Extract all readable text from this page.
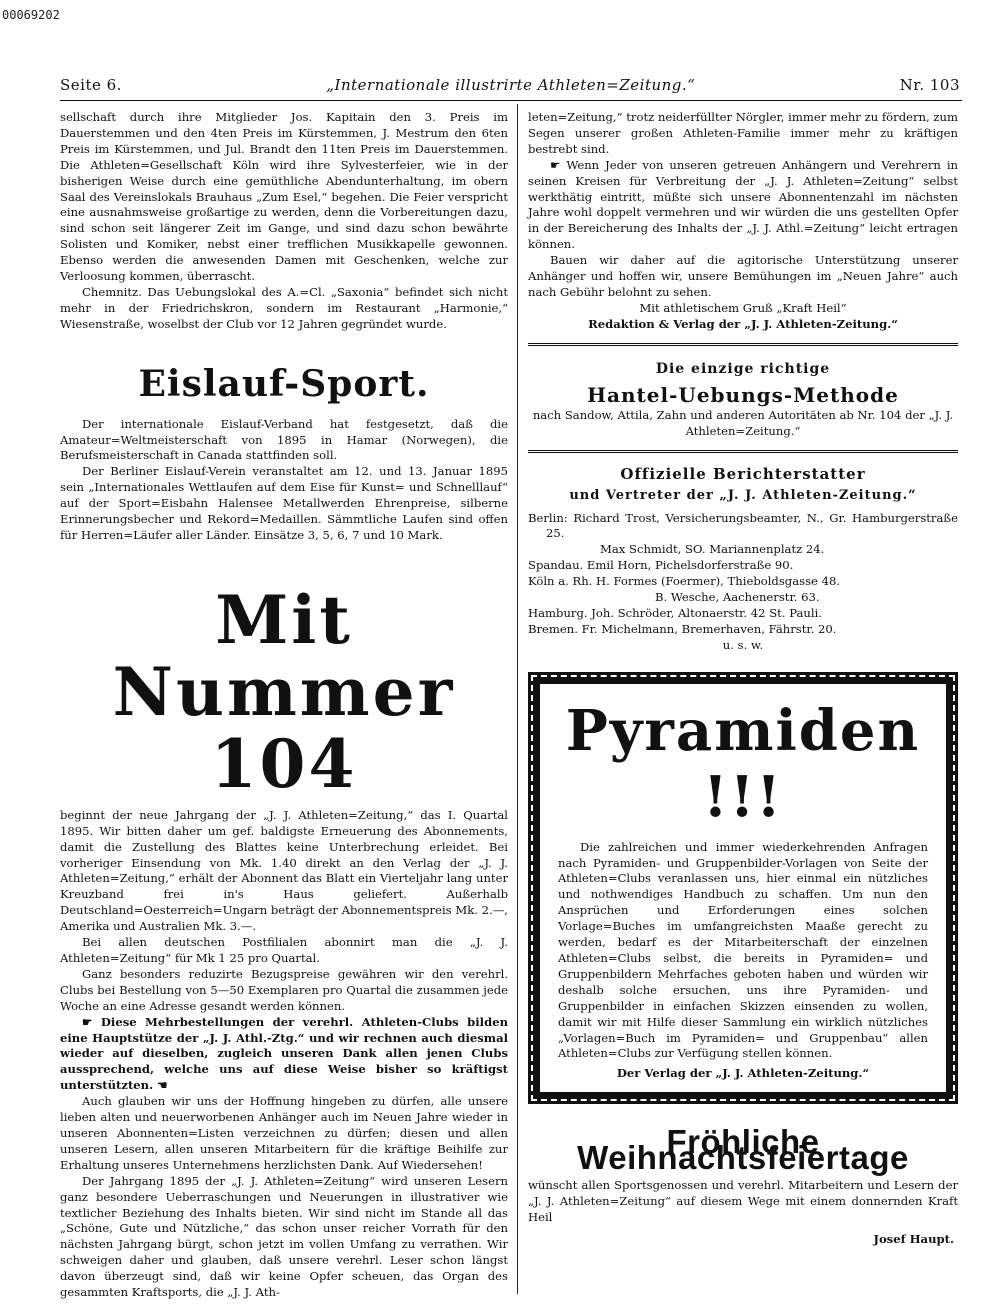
00069202
Seite 6.	„Internationale illustrirte Athleten=Zeitung.“	Nr. 103

sellschaft durch ihre Mitglieder Jos. Kapitain den 3. Preis im Dauerstemmen und den 4ten Preis im Kürstemmen, J. Mestrum den 6ten Preis im Kürstemmen, und Jul. Brandt den 11ten Preis im Dauerstemmen. Die Athleten=Gesellschaft Köln wird ihre Sylvesterfeier, wie in der bisherigen Weise durch eine gemüthliche Abendunterhaltung, im obern Saal des Vereinslokals Brauhaus „Zum Esel,“ begehen. Die Feier verspricht eine ausnahmsweise großartige zu werden, denn die Vorbereitungen dazu, sind schon seit längerer Zeit im Gange, und sind dazu schon bewährte Solisten und Komiker, nebst einer trefflichen Musikkapelle gewonnen. Ebenso werden die anwesenden Damen mit Geschenken, welche zur Verloosung kommen, überrascht.

Chemnitz. Das Uebungslokal des A.=Cl. „Saxonia“ befindet sich nicht mehr in der Friedrichskron, sondern im Restaurant „Harmonie,“ Wiesenstraße, woselbst der Club vor 12 Jahren gegründet wurde.

Eislauf-Sport.

Der internationale Eislauf-Verband hat festgesetzt, daß die Amateur=Weltmeisterschaft von 1895 in Hamar (Norwegen), die Berufsmeisterschaft in Canada stattfinden soll.

Der Berliner Eislauf-Verein veranstaltet am 12. und 13. Januar 1895 sein „Internationales Wettlaufen auf dem Eise für Kunst= und Schnelllauf“ auf der Sport=Eisbahn Halensee Metallwerden Ehrenpreise, silberne Erinnerungsbecher und Rekord=Medaillen. Sämmtliche Laufen sind offen für Herren=Läufer aller Länder. Einsätze 3, 5, 6, 7 und 10 Mark.

Mit Nummer 104

beginnt der neue Jahrgang der „J. J. Athleten=Zeitung,“ das I. Quartal 1895. Wir bitten daher um gef. baldigste Erneuerung des Abonnements, damit die Zustellung des Blattes keine Unterbrechung erleidet. Bei vorheriger Einsendung von Mk. 1.40 direkt an den Verlag der „J. J. Athleten=Zeitung,“ erhält der Abonnent das Blatt ein Vierteljahr lang unter Kreuzband frei in's Haus geliefert. Außerhalb Deutschland=Oesterreich=Ungarn beträgt der Abonnementspreis Mk. 2.—, Amerika und Australien Mk. 3.—.

Bei allen deutschen Postfilialen abonnirt man die „J. J. Athleten=Zeitung“ für Mk 1 25 pro Quartal.

Ganz besonders reduzirte Bezugspreise gewähren wir den verehrl. Clubs bei Bestellung von 5—50 Exemplaren pro Quartal die zusammen jede Woche an eine Adresse gesandt werden können.

☛ Diese Mehrbestellungen der verehrl. Athleten-Clubs bilden eine Hauptstütze der „J. J. Athl.-Ztg.“ und wir rechnen auch diesmal wieder auf dieselben, zugleich unseren Dank allen jenen Clubs aussprechend, welche uns auf diese Weise bisher so kräftigst unterstützten. ☚

Auch glauben wir uns der Hoffnung hingeben zu dürfen, alle unsere lieben alten und neuerworbenen Anhänger auch im Neuen Jahre wieder in unseren Abonnenten=Listen verzeichnen zu dürfen; diesen und allen unseren Lesern, allen unseren Mitarbeitern für die kräftige Beihilfe zur Erhaltung unseres Unternehmens herzlichsten Dank. Auf Wiedersehen!

Der Jahrgang 1895 der „J. J. Athleten=Zeitung“ wird unseren Lesern ganz besondere Ueberraschungen und Neuerungen in illustrativer wie textlicher Beziehung des Inhalts bieten. Wir sind nicht im Stande all das „Schöne, Gute und Nützliche,“ das schon unser reicher Vorrath für den nächsten Jahrgang bürgt, schon jetzt im vollen Umfang zu verrathen. Wir schweigen daher und glauben, daß unsere verehrl. Leser schon längst davon überzeugt sind, daß wir keine Opfer scheuen, das Organ des gesammten Kraftsports, die „J. J. Ath-

leten=Zeitung,“ trotz neiderfüllter Nörgler, immer mehr zu fördern, zum Segen unserer großen Athleten-Familie immer mehr zu kräftigen bestrebt sind.

☛ Wenn Jeder von unseren getreuen Anhängern und Verehrern in seinen Kreisen für Verbreitung der „J. J. Athleten=Zeitung“ selbst werkthätig eintritt, müßte sich unsere Abonnentenzahl im nächsten Jahre wohl doppelt vermehren und wir würden die uns gestellten Opfer in der Bereicherung des Inhalts der „J. J. Athl.=Zeitung“ leicht ertragen können.

Bauen wir daher auf die agitorische Unterstützung unserer Anhänger und hoffen wir, unsere Bemühungen im „Neuen Jahre“ auch nach Gebühr belohnt zu sehen.

Mit athletischem Gruß „Kraft Heil“

Redaktion & Verlag der „J. J. Athleten-Zeitung.“

Die einzige richtige
Hantel-Uebungs-Methode

nach Sandow, Attila, Zahn und anderen Autoritäten ab Nr. 104 der „J. J. Athleten=Zeitung.“

Offizielle Berichterstatter
und Vertreter der „J. J. Athleten-Zeitung.“

Berlin: Richard Trost, Versicherungsbeamter, N., Gr. Hamburgerstraße 25.

Max Schmidt, SO. Mariannenplatz 24.

Spandau. Emil Horn, Pichelsdorferstraße 90.

Köln a. Rh. H. Formes (Foermer), Thieboldsgasse 48.

B. Wesche, Aachenerstr. 63.

Hamburg. Joh. Schröder, Altonaerstr. 42 St. Pauli.

Bremen. Fr. Michelmann, Bremerhaven, Fährstr. 20.

u. s. w.

Pyramiden !!!

Die zahlreichen und immer wiederkehrenden Anfragen nach Pyramiden- und Gruppenbilder-Vorlagen von Seite der Athleten=Clubs veranlassen uns, hier einmal ein nützliches und nothwendiges Handbuch zu schaffen. Um nun den Ansprüchen und Erforderungen eines solchen Vorlage=Buches im umfangreichsten Maaße gerecht zu werden, bedarf es der Mitarbeiterschaft der einzelnen Athleten=Clubs selbst, die bereits in Pyramiden= und Gruppenbildern Mehrfaches geboten haben und würden wir deshalb solche ersuchen, uns ihre Pyramiden- und Gruppenbilder in einfachen Skizzen einsenden zu wollen, damit wir mit Hilfe dieser Sammlung ein wirklich nützliches „Vorlagen=Buch im Pyramiden= und Gruppenbau“ allen Athleten=Clubs zur Verfügung stellen können.

Der Verlag der „J. J. Athleten-Zeitung.“

Fröhliche Weihnachtsfeiertage

wünscht allen Sportsgenossen und verehrl. Mitarbeitern und Lesern der „J. J. Athleten=Zeitung“ auf diesem Wege mit einem donnernden Kraft Heil

Josef Haupt.
